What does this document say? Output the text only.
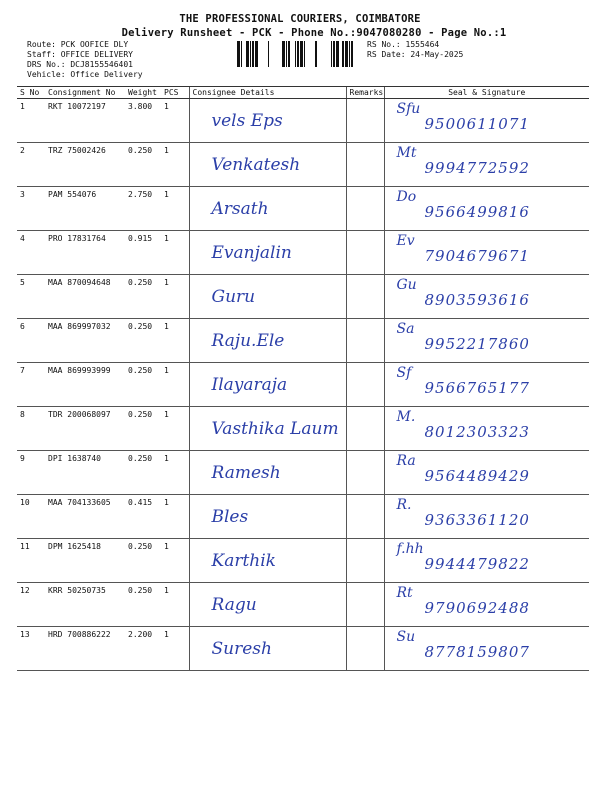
THE PROFESSIONAL COURIERS, COIMBATORE
Delivery Runsheet - PCK - Phone No.:9047080280 - Page No.:1
Route: PCK OOFICE DLY
Staff: OFFICE DELIVERY
DRS No.: DCJ8155546401
Vehicle: Office Delivery
RS No.: 1555464
RS Date: 24-May-2025
S No	Consignment No	Weight	PCS	Consignee Details	Remarks	Seal & Signature
1	RKT 10072197	3.800	1	vels Eps		Sfu
9500611071

2	TRZ 75002426	0.250	1	Venkatesh		Mt
9994772592

3	PAM 554076	2.750	1	Arsath		Do
9566499816

4	PRO 17831764	0.915	1	Evanjalin		Ev
7904679671

5	MAA 870094648	0.250	1	Guru		Gu
8903593616

6	MAA 869997032	0.250	1	Raju.Ele		Sa
9952217860

7	MAA 869993999	0.250	1	Ilayaraja		Sf
9566765177

8	TDR 200068097	0.250	1	Vasthika Laum		M.
8012303323

9	DPI 1638740	0.250	1	Ramesh		Ra
9564489429

10	MAA 704133605	0.415	1	Bles		R.
9363361120

11	DPM 1625418	0.250	1	Karthik		f.hh
9944479822

12	KRR 50250735	0.250	1	Ragu		Rt
9790692488

13	HRD 700886222	2.200	1	Suresh		Su
8778159807
